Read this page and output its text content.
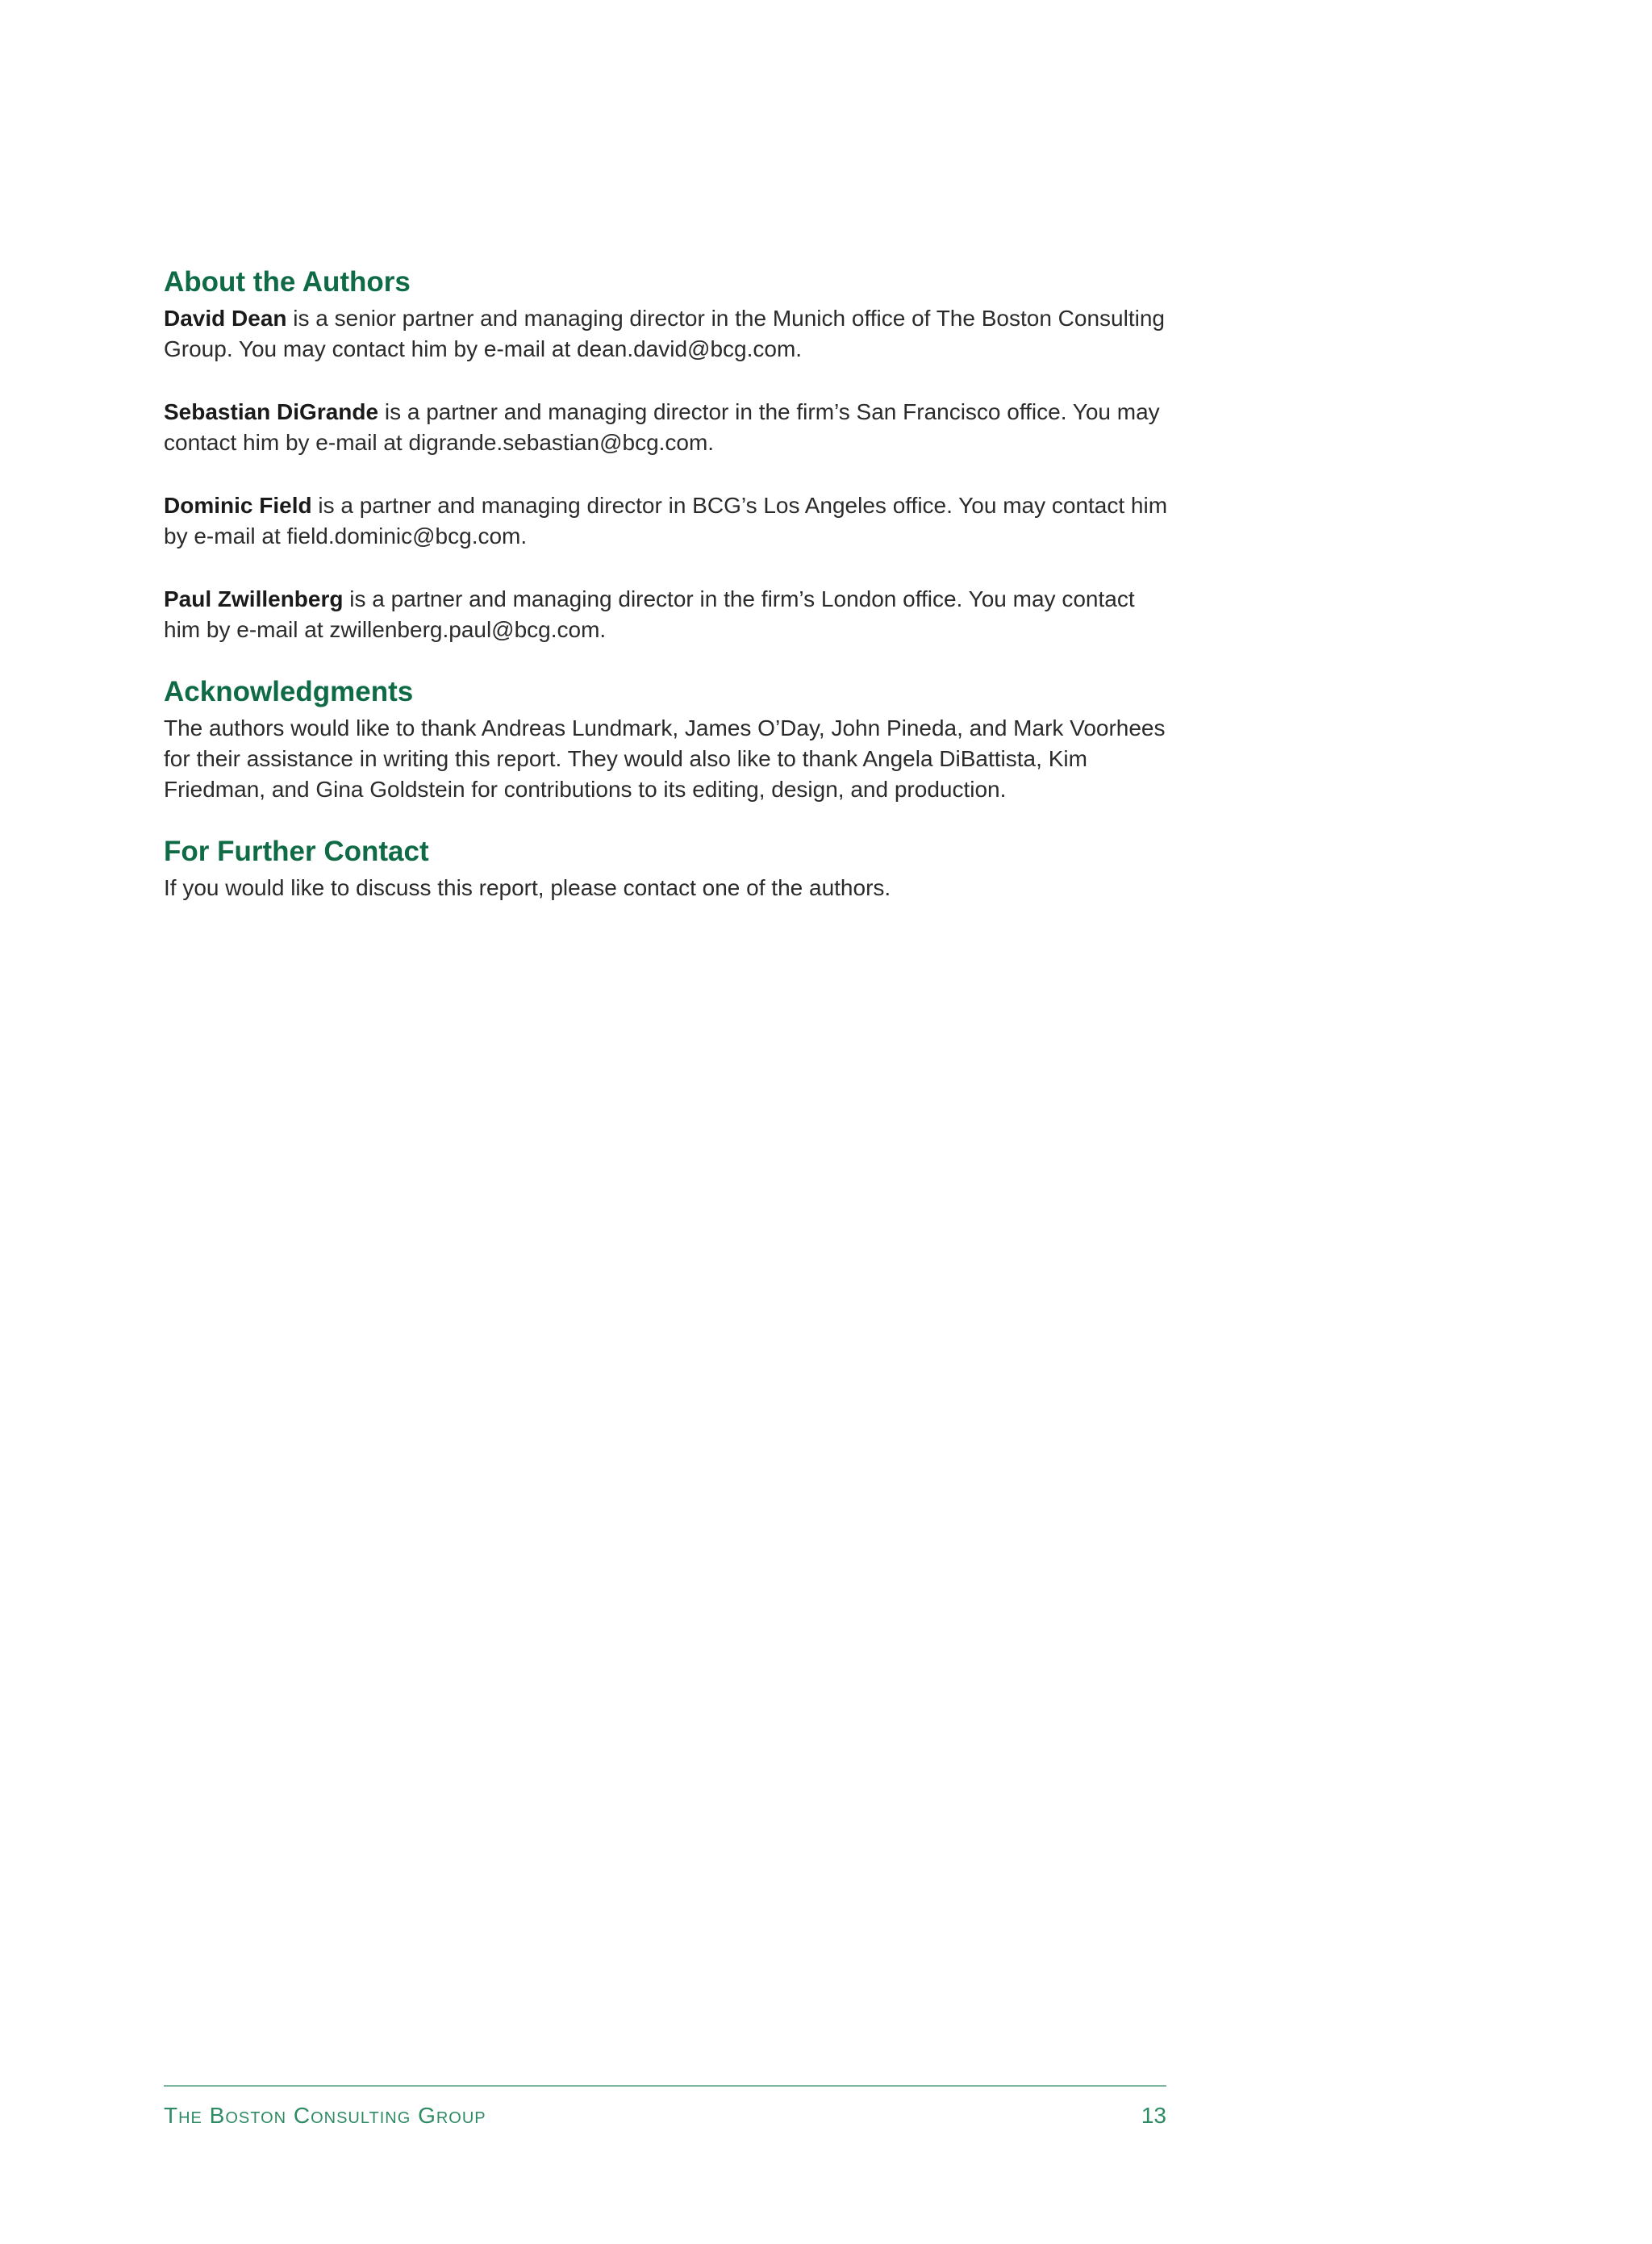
About the Authors

David Dean is a senior partner and managing director in the Munich office of The Boston Consulting Group. You may contact him by e-mail at dean.david@bcg.com.

Sebastian DiGrande is a partner and managing director in the firm’s San Francisco office. You may contact him by e-mail at digrande.sebastian@bcg.com.

Dominic Field is a partner and managing director in BCG’s Los Angeles office. You may contact him by e-mail at field.dominic@bcg.com.

Paul Zwillenberg is a partner and managing director in the firm’s London office. You may contact him by e-mail at zwillenberg.paul@bcg.com.

Acknowledgments

The authors would like to thank Andreas Lundmark, James O’Day, John Pineda, and Mark Voorhees for their assistance in writing this report. They would also like to thank Angela DiBattista, Kim Friedman, and Gina Goldstein for contributions to its editing, design, and production.

For Further Contact

If you would like to discuss this report, please contact one of the authors.

The Boston Consulting Group	13
